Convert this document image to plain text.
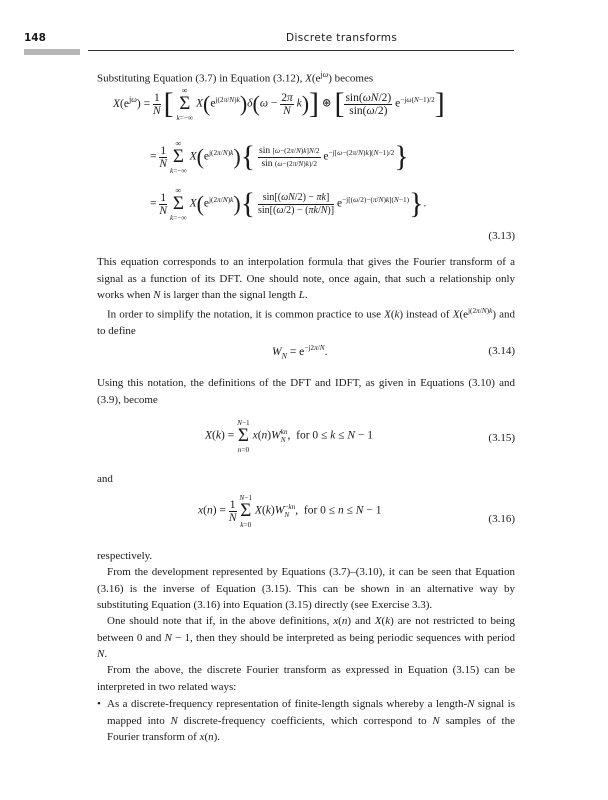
148	Discrete transforms

Substituting Equation (3.7) in Equation (3.12), $X(e^{j\omega})$ becomes

$X(e^{j\omega}) = \frac{1}{N}$ [ ∞
Σ
k=−∞ $X(e^{j(2\pi/N)k})\delta(\omega - \frac{2\pi}{N} k)$] ⊛ [ $\frac{\sin(\omega N/2)}{\sin(\omega/2)} e^{-j\omega(N-1)/2}$]
= $\frac{1}{N}$
∞
Σ
k=−∞ $X(e^{j(2\pi/N)k})\{ \frac{\sin [\omega-(2\pi/N)k]N/2}{\sin (\omega-(2\pi/N)k)/2} e^{-j[\omega-(2\pi/N)k](N-1)/2}\}$
= $\frac{1}{N}$
∞
Σ
k=−∞ $X(e^{j(2\pi/N)k})\{ \frac{\sin[(\omega N/2) - \pi k]}{\sin[(\omega/2) - (\pi k/N)]} e^{-j[(\omega/2)-(\pi/N)k](N-1)}\}$.
(3.13)

This equation corresponds to an interpolation formula that gives the Fourier transform of a signal as a function of its DFT. One should note, once again, that such a relationship only works when N is larger than the signal length L.

In order to simplify the notation, it is common practice to use X(k) instead of $X(e^{j(2\pi/N)k})$ and to define

$W_N = e^{-j2\pi/N}$.	(3.14)

Using this notation, the definitions of the DFT and IDFT, as given in Equations (3.10) and (3.9), become

X(k) = N−1
Σ
n=0 $x(n)W_N^{kn}$,  for 0 ≤ k ≤ N − 1	(3.15)

and

$x(n) = \frac{1}{N}$
N−1
Σ
k=0 $X(k)W_N^{-kn}$,  for 0 ≤ n ≤ N − 1
(3.16)

respectively.

From the development represented by Equations (3.7)–(3.10), it can be seen that Equation (3.16) is the inverse of Equation (3.15). This can be shown in an alternative way by substituting Equation (3.16) into Equation (3.15) directly (see Exercise 3.3).

One should note that if, in the above definitions, x(n) and X(k) are not restricted to being between 0 and N − 1, then they should be interpreted as being periodic sequences with period N.

From the above, the discrete Fourier transform as expressed in Equation (3.15) can be interpreted in two related ways:

• As a discrete-frequency representation of finite-length signals whereby a length-N signal is mapped into N discrete-frequency coefficients, which correspond to N samples of the Fourier transform of x(n).
